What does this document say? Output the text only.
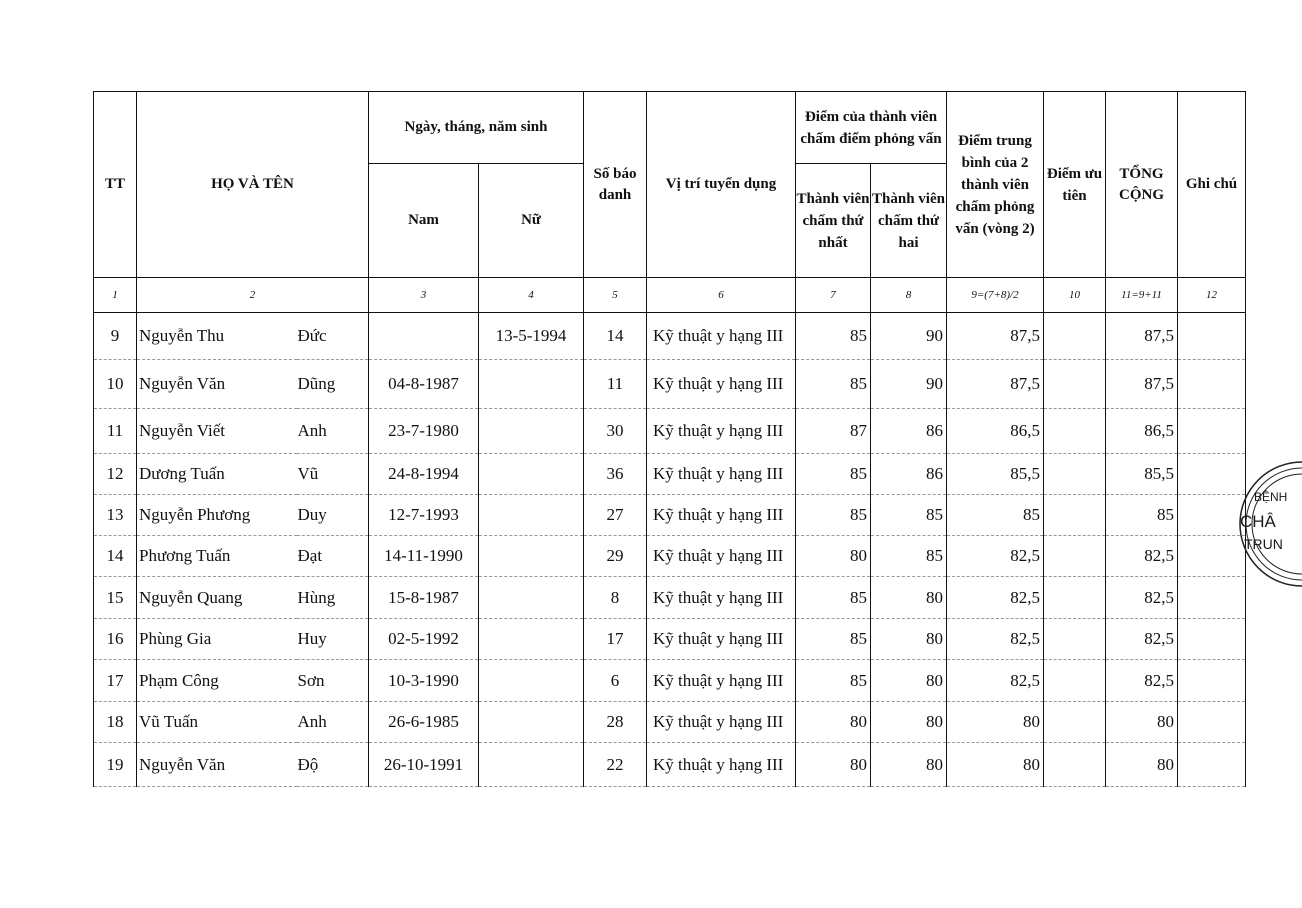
TT	HỌ VÀ TÊN		Ngày, tháng, năm sinh		Số báo danh	Vị trí tuyển dụng	Điểm của thành viên chấm điểm phỏng vấn		Điểm trung bình của 2 thành viên chấm phỏng vấn (vòng 2)	Điểm ưu tiên	TỔNG CỘNG	Ghi chú
			Nam	Nữ			Thành viên chấm thứ nhất	Thành viên chấm thứ hai				
1	2		3	4	5	6	7	8	9=(7+8)/2	10	11=9+11	12
9	Nguyễn Thu	Đức		13-5-1994	14	Kỹ thuật y hạng III	85	90	87,5		87,5	
10	Nguyễn Văn	Dũng	04-8-1987		11	Kỹ thuật y hạng III	85	90	87,5		87,5	
11	Nguyễn Viết	Anh	23-7-1980		30	Kỹ thuật y hạng III	87	86	86,5		86,5	
12	Dương Tuấn	Vũ	24-8-1994		36	Kỹ thuật y hạng III	85	86	85,5		85,5	
13	Nguyễn Phương	Duy	12-7-1993		27	Kỹ thuật y hạng III	85	85	85		85	
14	Phương Tuấn	Đạt	14-11-1990		29	Kỹ thuật y hạng III	80	85	82,5		82,5	
15	Nguyễn Quang	Hùng	15-8-1987		8	Kỹ thuật y hạng III	85	80	82,5		82,5	
16	Phùng Gia	Huy	02-5-1992		17	Kỹ thuật y hạng III	85	80	82,5		82,5	
17	Phạm Công	Sơn	10-3-1990		6	Kỹ thuật y hạng III	85	80	82,5		82,5	
18	Vũ Tuấn	Anh	26-6-1985		28	Kỹ thuật y hạng III	80	80	80		80	
19	Nguyễn Văn	Độ	26-10-1991		22	Kỹ thuật y hạng III	80	80	80		80	
BỆNH
CHÂ
TRUN
